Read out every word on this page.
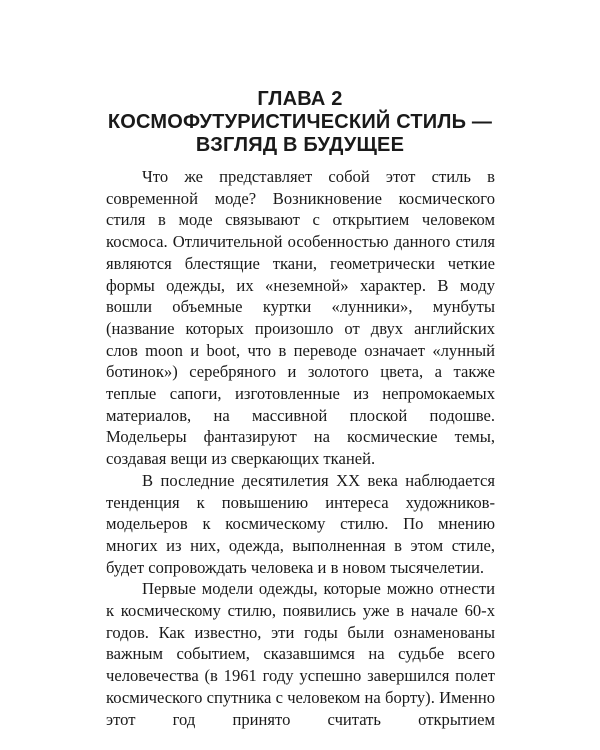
ГЛАВА 2
КОСМОФУТУРИСТИЧЕСКИЙ СТИЛЬ —
ВЗГЛЯД В БУДУЩЕЕ

Что же представляет собой этот стиль в современной моде? Возникновение космического стиля в моде связывают с открытием человеком космоса. Отличительной особенностью данного стиля являются блестящие ткани, геометрически четкие формы одежды, их «неземной» характер. В моду вошли объемные куртки «лунники», мунбуты (название которых произошло от двух английских слов moon и boot, что в переводе означает «лунный ботинок») серебряного и золотого цвета, а также теплые сапоги, изготовленные из непромокаемых материалов, на массивной плоской подошве. Модельеры фантазируют на космические темы, создавая вещи из сверкающих тканей.

В последние десятилетия XX века наблюдается тенденция к повышению интереса художников-модельеров к космическому стилю. По мнению многих из них, одежда, выполненная в этом стиле, будет сопровождать человека и в новом тысячелетии.

Первые модели одежды, которые можно отнести к космическому стилю, появились уже в начале 60-х годов. Как известно, эти годы были ознаменованы важным событием, сказавшимся на судьбе всего человечества (в 1961 году успешно завершился полет космического спутника с человеком на борту). Именно этот год принято считать открытием
